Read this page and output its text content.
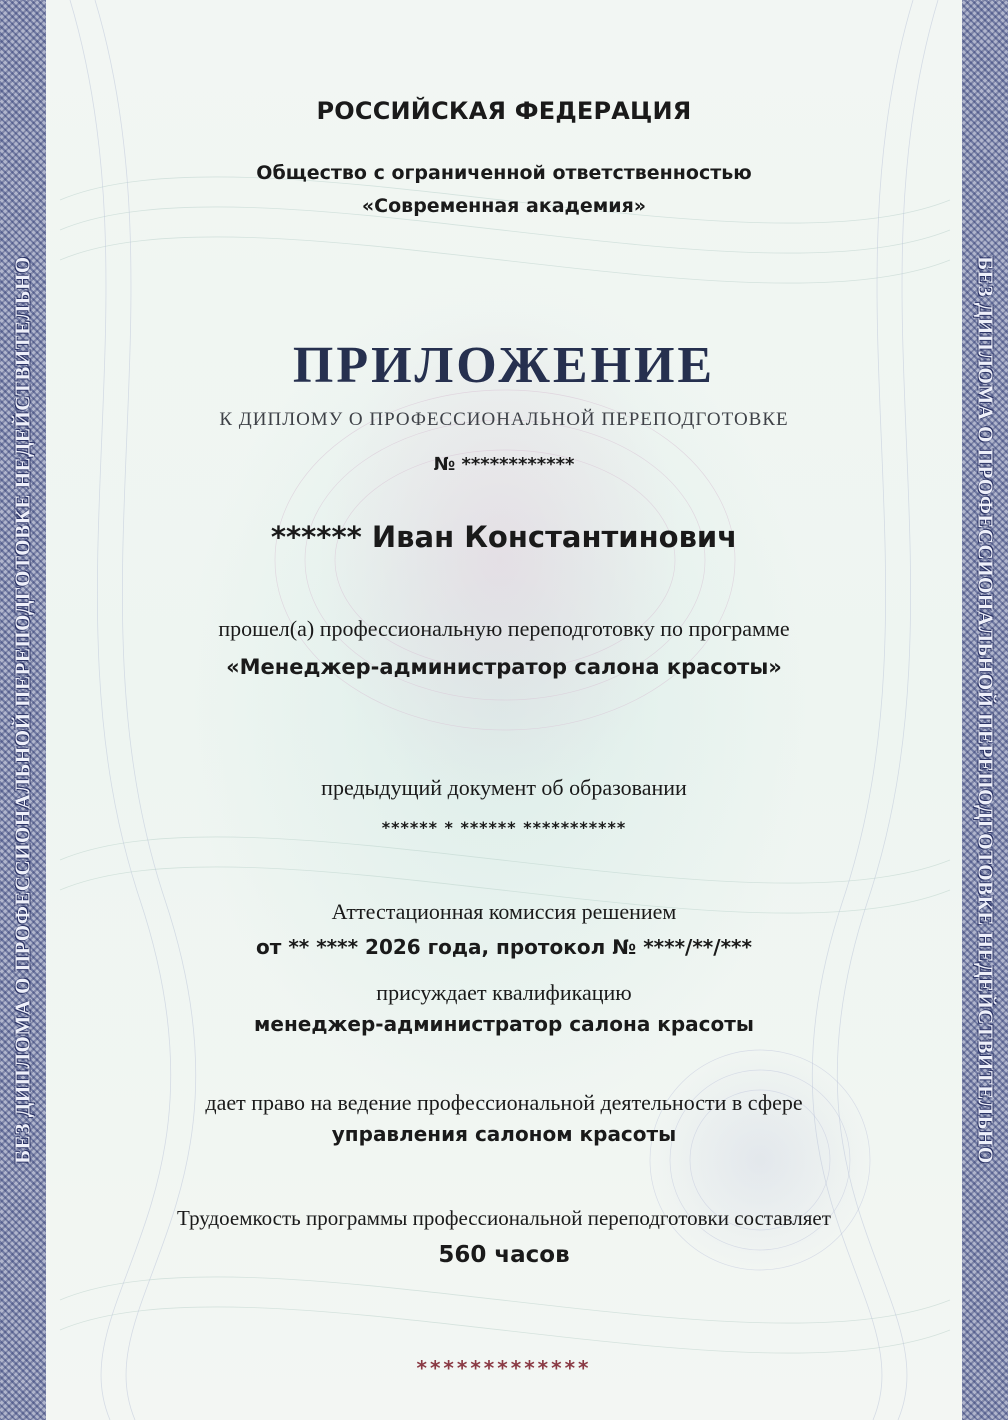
БЕЗ ДИПЛОМА О ПРОФЕССИОНАЛЬНОЙ ПЕРЕПОДГОТОВКЕ НЕДЕЙСТВИТЕЛЬНО	БЕЗ ДИПЛОМА О ПРОФЕССИОНАЛЬНОЙ ПЕРЕПОДГОТОВКЕ НЕДЕЙСТВИТЕЛЬНО
РОССИЙСКАЯ ФЕДЕРАЦИЯ
Общество с ограниченной ответственностью
«Современная академия»
ПРИЛОЖЕНИЕ
К ДИПЛОМУ О ПРОФЕССИОНАЛЬНОЙ ПЕРЕПОДГОТОВКЕ
№ ************
****** Иван Константинович
прошел(а) профессиональную переподготовку по программе
«Менеджер-администратор салона красоты»
предыдущий документ об образовании
****** * ****** ***********
Аттестационная комиссия решением
от ** **** 2026 года, протокол № ****/**/***
присуждает квалификацию
менеджер-администратор салона красоты
дает право на ведение профессиональной деятельности в сфере
управления салоном красоты
Трудоемкость программы профессиональной переподготовки составляет
560 часов
*************
